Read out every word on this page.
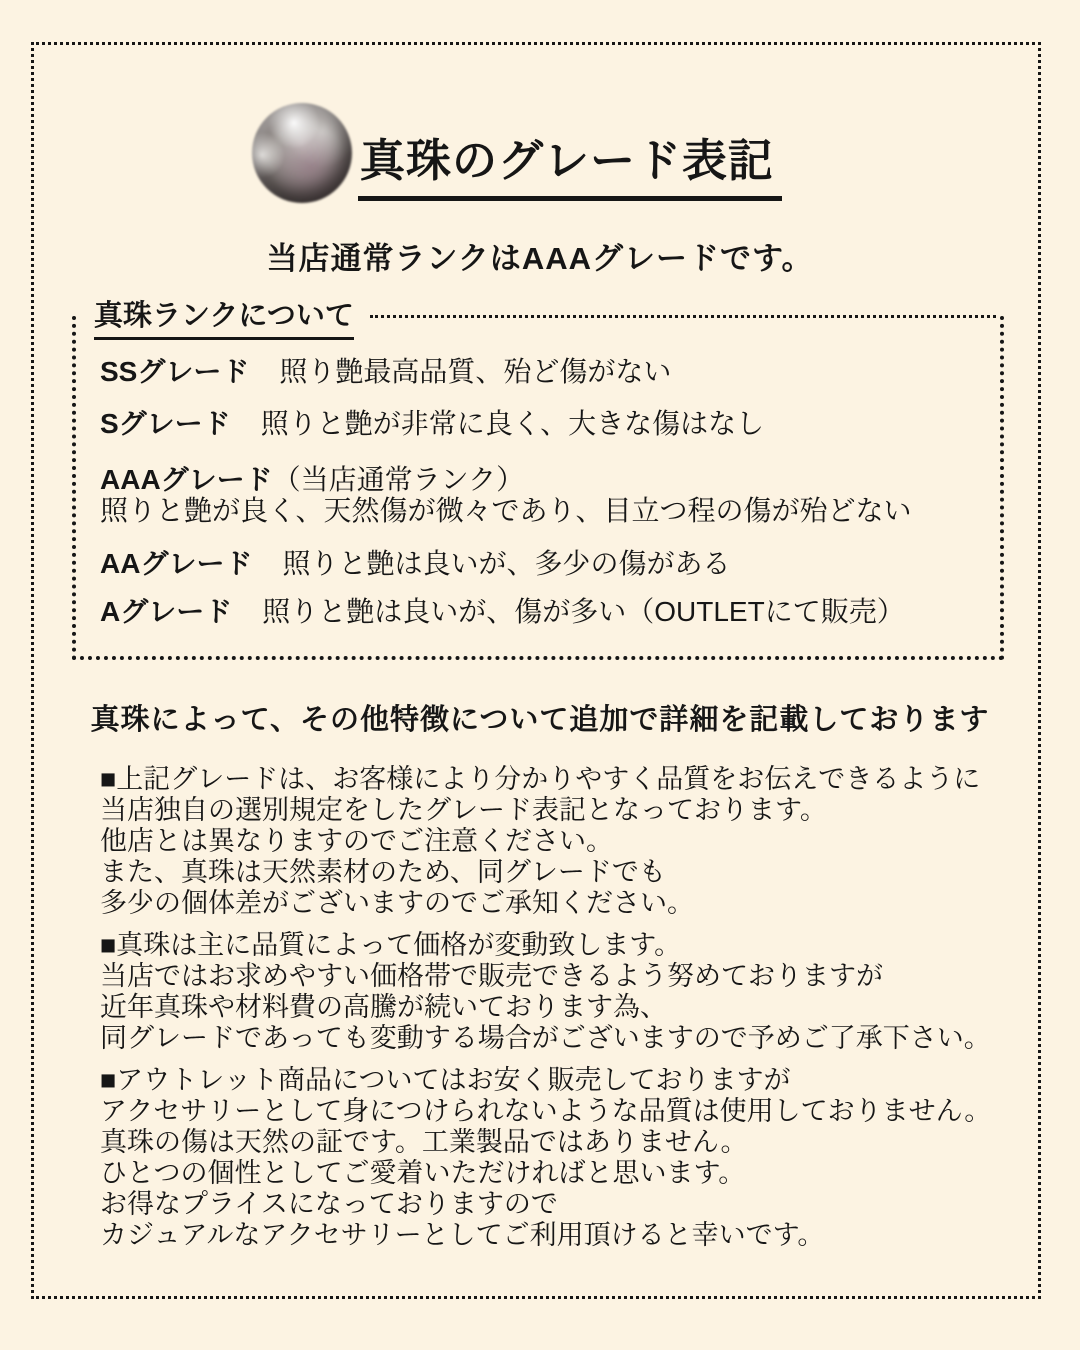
真珠のグレード表記
当店通常ランクはAAAグレードです。
真珠ランクについて
SSグレード 照り艶最高品質、殆ど傷がない
Sグレード 照りと艶が非常に良く、大きな傷はなし
AAAグレード（当店通常ランク）
照りと艶が良く、天然傷が微々であり、目立つ程の傷が殆どない
AAグレード 照りと艶は良いが、多少の傷がある
Aグレード 照りと艶は良いが、傷が多い（OUTLETにて販売）
真珠によって、その他特徴について追加で詳細を記載しております
■上記グレードは、お客様により分かりやすく品質をお伝えできるように
当店独自の選別規定をしたグレード表記となっております。
他店とは異なりますのでご注意ください。
また、真珠は天然素材のため、同グレードでも
多少の個体差がございますのでご承知ください。
■真珠は主に品質によって価格が変動致します。
当店ではお求めやすい価格帯で販売できるよう努めておりますが
近年真珠や材料費の高騰が続いております為、
同グレードであっても変動する場合がございますので予めご了承下さい。
■アウトレット商品についてはお安く販売しておりますが
アクセサリーとして身につけられないような品質は使用しておりません。
真珠の傷は天然の証です。工業製品ではありません。
ひとつの個性としてご愛着いただければと思います。
お得なプライスになっておりますので
カジュアルなアクセサリーとしてご利用頂けると幸いです。
